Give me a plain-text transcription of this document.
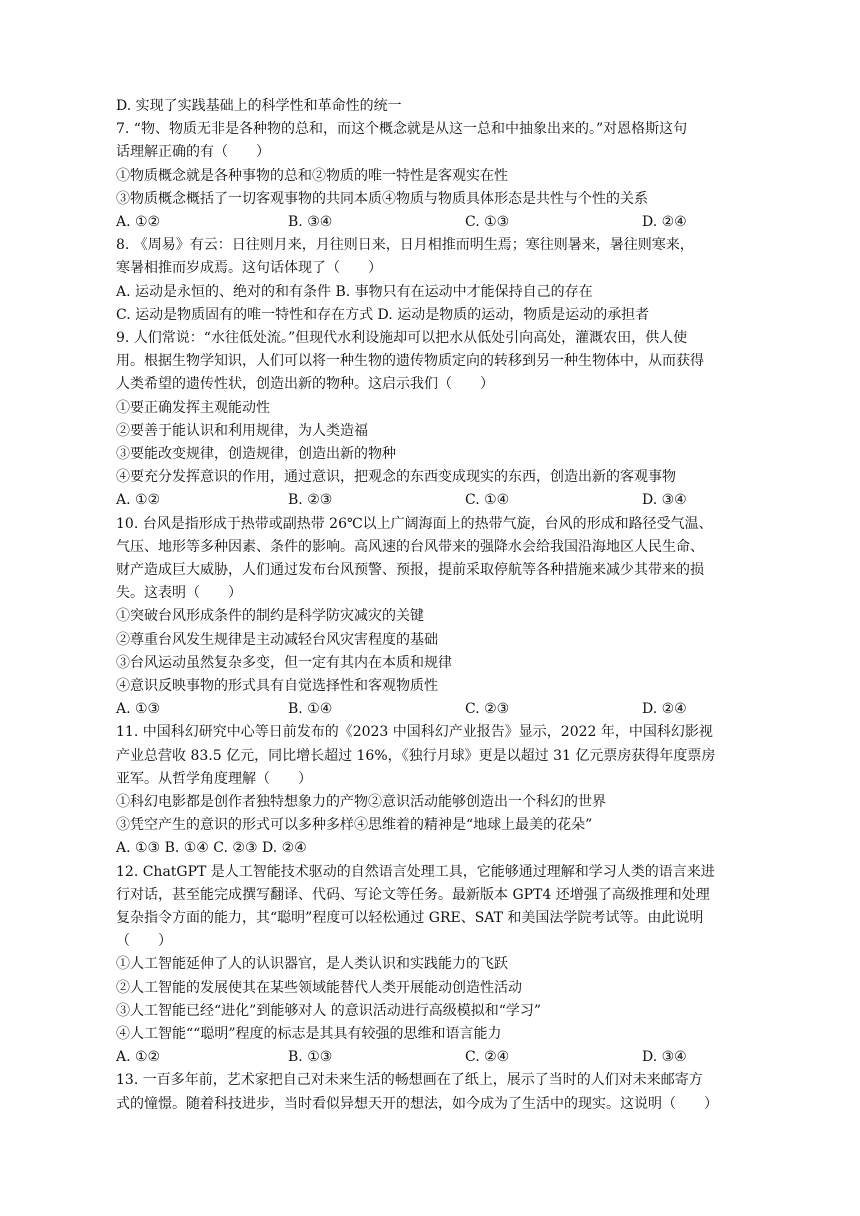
D. 实现了实践基础上的科学性和革命性的统一
7. “物、物质无非是各种物的总和，而这个概念就是从这一总和中抽象出来的。”对恩格斯这句
话理解正确的有（　　）
①物质概念就是各种事物的总和②物质的唯一特性是客观实在性
③物质概念概括了一切客观事物的共同本质④物质与物质具体形态是共性与个性的关系
A. ①②	B. ③④	C. ①③	D. ②④
8. 《周易》有云：日往则月来，月往则日来，日月相推而明生焉；寒往则暑来，暑往则寒来，
寒暑相推而岁成焉。这句话体现了（　　）
A. 运动是永恒的、绝对的和有条件 B. 事物只有在运动中才能保持自己的存在
C. 运动是物质固有的唯一特性和存在方式 D. 运动是物质的运动，物质是运动的承担者
9. 人们常说：“水往低处流。”但现代水利设施却可以把水从低处引向高处，灌溉农田，供人使
用。根据生物学知识，人们可以将一种生物的遗传物质定向的转移到另一种生物体中，从而获得
人类希望的遗传性状，创造出新的物种。这启示我们（　　）
①要正确发挥主观能动性
②要善于能认识和利用规律，为人类造福
③要能改变规律，创造规律，创造出新的物种
④要充分发挥意识的作用，通过意识，把观念的东西变成现实的东西，创造出新的客观事物
A. ①②	B. ②③	C. ①④	D. ③④
10. 台风是指形成于热带或副热带 26℃以上广阔海面上的热带气旋，台风的形成和路径受气温、
气压、地形等多种因素、条件的影响。高风速的台风带来的强降水会给我国沿海地区人民生命、
财产造成巨大威胁，人们通过发布台风预警、预报，提前采取停航等各种措施来减少其带来的损
失。这表明（　　）
①突破台风形成条件的制约是科学防灾减灾的关键
②尊重台风发生规律是主动减轻台风灾害程度的基础
③台风运动虽然复杂多变，但一定有其内在本质和规律
④意识反映事物的形式具有自觉选择性和客观物质性
A. ①③	B. ①④	C. ②③	D. ②④
11. 中国科幻研究中心等日前发布的《2023 中国科幻产业报告》显示，2022 年，中国科幻影视
产业总营收 83.5 亿元，同比增长超过 16%，《独行月球》更是以超过 31 亿元票房获得年度票房
亚军。从哲学角度理解（　　）
①科幻电影都是创作者独特想象力的产物②意识活动能够创造出一个科幻的世界
③凭空产生的意识的形式可以多种多样④思维着的精神是“地球上最美的花朵”
A. ①③ B. ①④ C. ②③ D. ②④
12. ChatGPT 是人工智能技术驱动的自然语言处理工具，它能够通过理解和学习人类的语言来进
行对话，甚至能完成撰写翻译、代码、写论文等任务。最新版本 GPT4 还增强了高级推理和处理
复杂指令方面的能力，其“聪明”程度可以轻松通过 GRE、SAT 和美国法学院考试等。由此说明
（　　）
①人工智能延伸了人的认识器官，是人类认识和实践能力的飞跃
②人工智能的发展使其在某些领域能替代人类开展能动创造性活动
③人工智能已经“进化”到能够对人 的意识活动进行高级模拟和“学习”
④人工智能““聪明”程度的标志是其具有较强的思维和语言能力
A. ①②	B. ①③	C. ②④	D. ③④
13. 一百多年前，艺术家把自己对未来生活的畅想画在了纸上，展示了当时的人们对未来邮寄方
式的憧憬。随着科技进步，当时看似异想天开的想法，如今成为了生活中的现实。这说明（　　）
